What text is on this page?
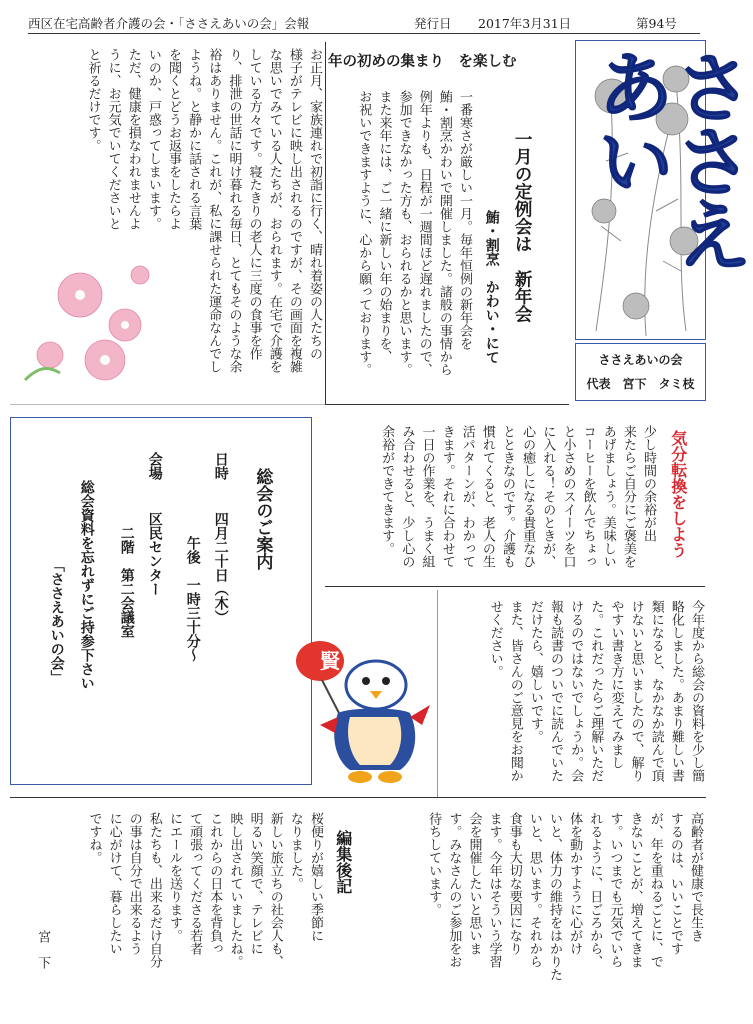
西区在宅高齢者介護の会・「ささえあいの会」会報	発行日 2017年3月31日	第94号
ささえあい
ささえあいの会
代表　宮下　タミ枝
一月の定例会は　新年会
鮪・割烹　かわい・にて
年の初めの集まり　を楽しむ
一番寒さが厳しい一月。毎年恒例の新年会を
鮪・割烹かわいで開催しました。諸般の事情から
例年よりも、日程が一週間ほど遅れましたので、
参加できなかった方も、おられるかと思います。
また来年には、ご一緒に新しい年の始まりを、
お祝いできますように、心から願っております。
お正月、家族連れで初詣に行く、晴れ着姿の人たちの
様子がテレビに映し出されるのですが、その画面を複雑
な思いでみている人たちが、おられます。在宅で介護を
している方々です。寝たきりの老人に三度の食事を作
り、排泄の世話に明け暮れる毎日、とてもそのような余
裕はありません。これが、私に課せられた運命なんでし
ようね。と静かに話される言葉
を聞くとどうお返事をしたらよ
いのか、戸惑ってしまいます。
ただ、健康を損なわれませんよ
うに、お元気でいてくださいと
と祈るだけです。
気分転換をしよう
少し時間の余裕が出
来たらご自分にご褒美を
あげましょう。美味しい
コーヒーを飲んでちょっ
と小さめのスイーツを口
に入れる！そのときが、
心の癒しになる貴重なひ
とときなのです。介護も
慣れてくると、老人の生
活パターンが、わかって
きます。それに合わせて
一日の作業を、うまく組
み合わせると、少し心の
余裕ができてきます。
総会のご案内
日時
四月二十日（木）
午後　一時三十分～
会場
区民センター
二階　第二会議室
総会資料を忘れずにご持参下さい
「ささえあいの会」	今年度から総会の資料を少し簡
略化しました。あまり難しい書
類になると、なかなか読んで頂
けないと思いましたので、解り
やすい書き方に変えてみまし
た。これだったらご理解いただ
けるのではないでしょうか。会
報も読書のついでに読んでいた
だけたら、嬉しいです。
また、皆さんのご意見をお聞か
せください。
賢
高齢者が健康で長生き
するのは、いいことです
が、年を重ねるごとに、で
きないことが、増えてきま
す。いつまでも元気でいら
れるように、日ごろから、
体を動かすように心がけ
いと、体力の維持をはかりた
いと、思います。それから
食事も大切な要因になり
ます。今年はそういう学習
会を開催したいと思いま
す。みなさんのご参加をお
待ちしています。
編集後記
桜便りが嬉しい季節に
なりました。
新しい旅立ちの社会人も、
明るい笑顔で、テレビに
映し出されていましたね。
これからの日本を背負っ
て頑張ってくださる若者
にエールを送ります。
私たちも、出来るだけ自分
の事は自分で出来るよう
に心がけて、暮らしたい
ですね。
宮　下
